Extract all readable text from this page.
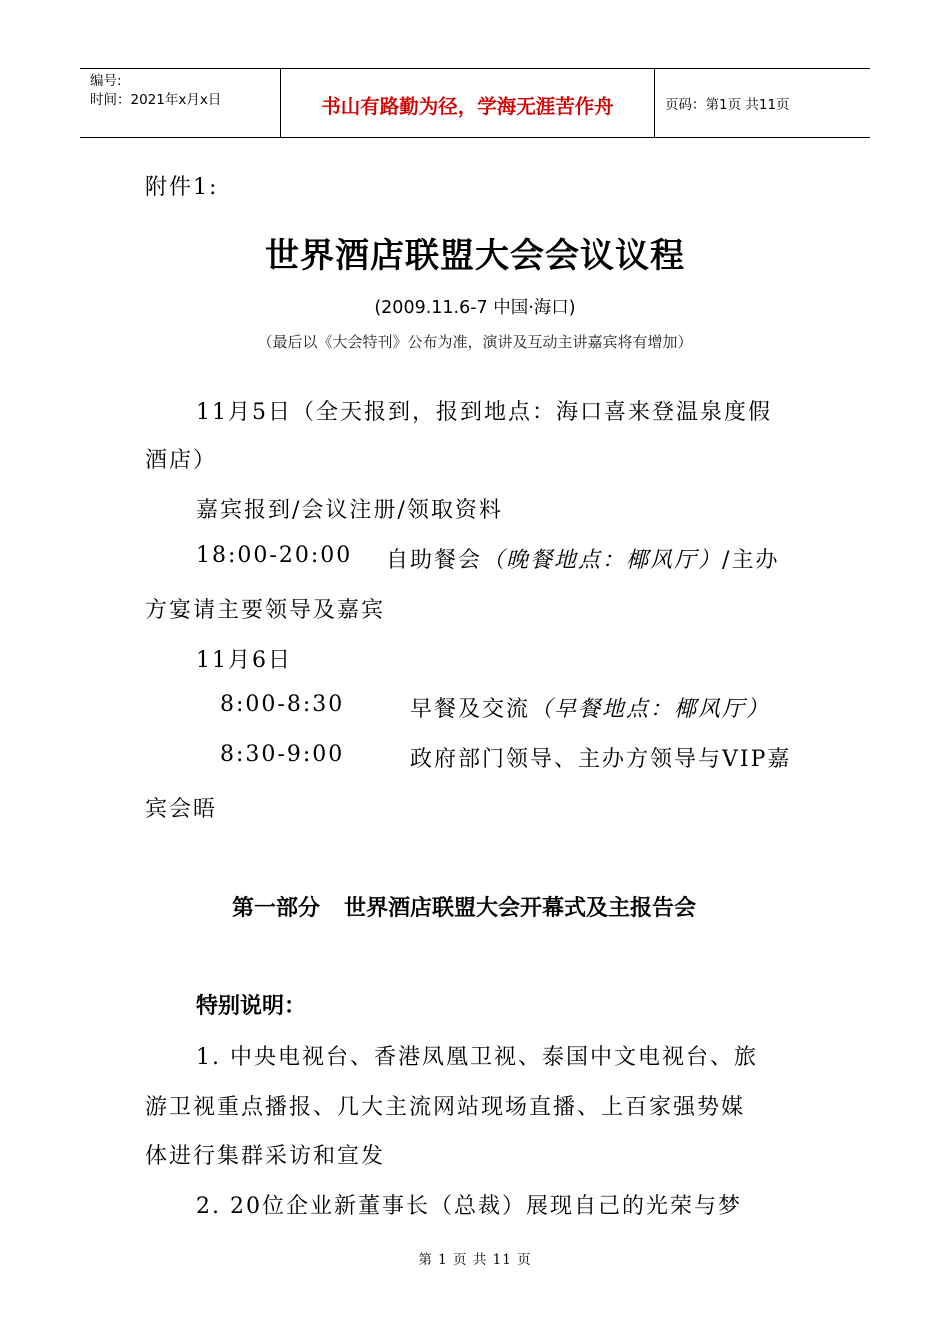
编号:
时间：2021年x月x日	书山有路勤为径，学海无涯苦作舟	页码：第1页 共11页
附件1:
世界酒店联盟大会会议议程
(2009.11.6-7 中国·海口)
（最后以《大会特刊》公布为准，演讲及互动主讲嘉宾将有增加）
11月5日（全天报到，报到地点：海口喜来登温泉度假
酒店）
嘉宾报到/会议注册/领取资料
18:00-20:00 自助餐会（晚餐地点：椰风厅）/主办
方宴请主要领导及嘉宾
11月6日
8:00-8:30	早餐及交流（早餐地点：椰风厅）
8:30-9:00	政府部门领导、主办方领导与VIP嘉
宾会晤
第一部分 世界酒店联盟大会开幕式及主报告会
特别说明：
1. 中央电视台、香港凤凰卫视、泰国中文电视台、旅
游卫视重点播报、几大主流网站现场直播、上百家强势媒
体进行集群采访和宣发
2. 20位企业新董事长（总裁）展现自己的光荣与梦
第 1 页 共 11 页
